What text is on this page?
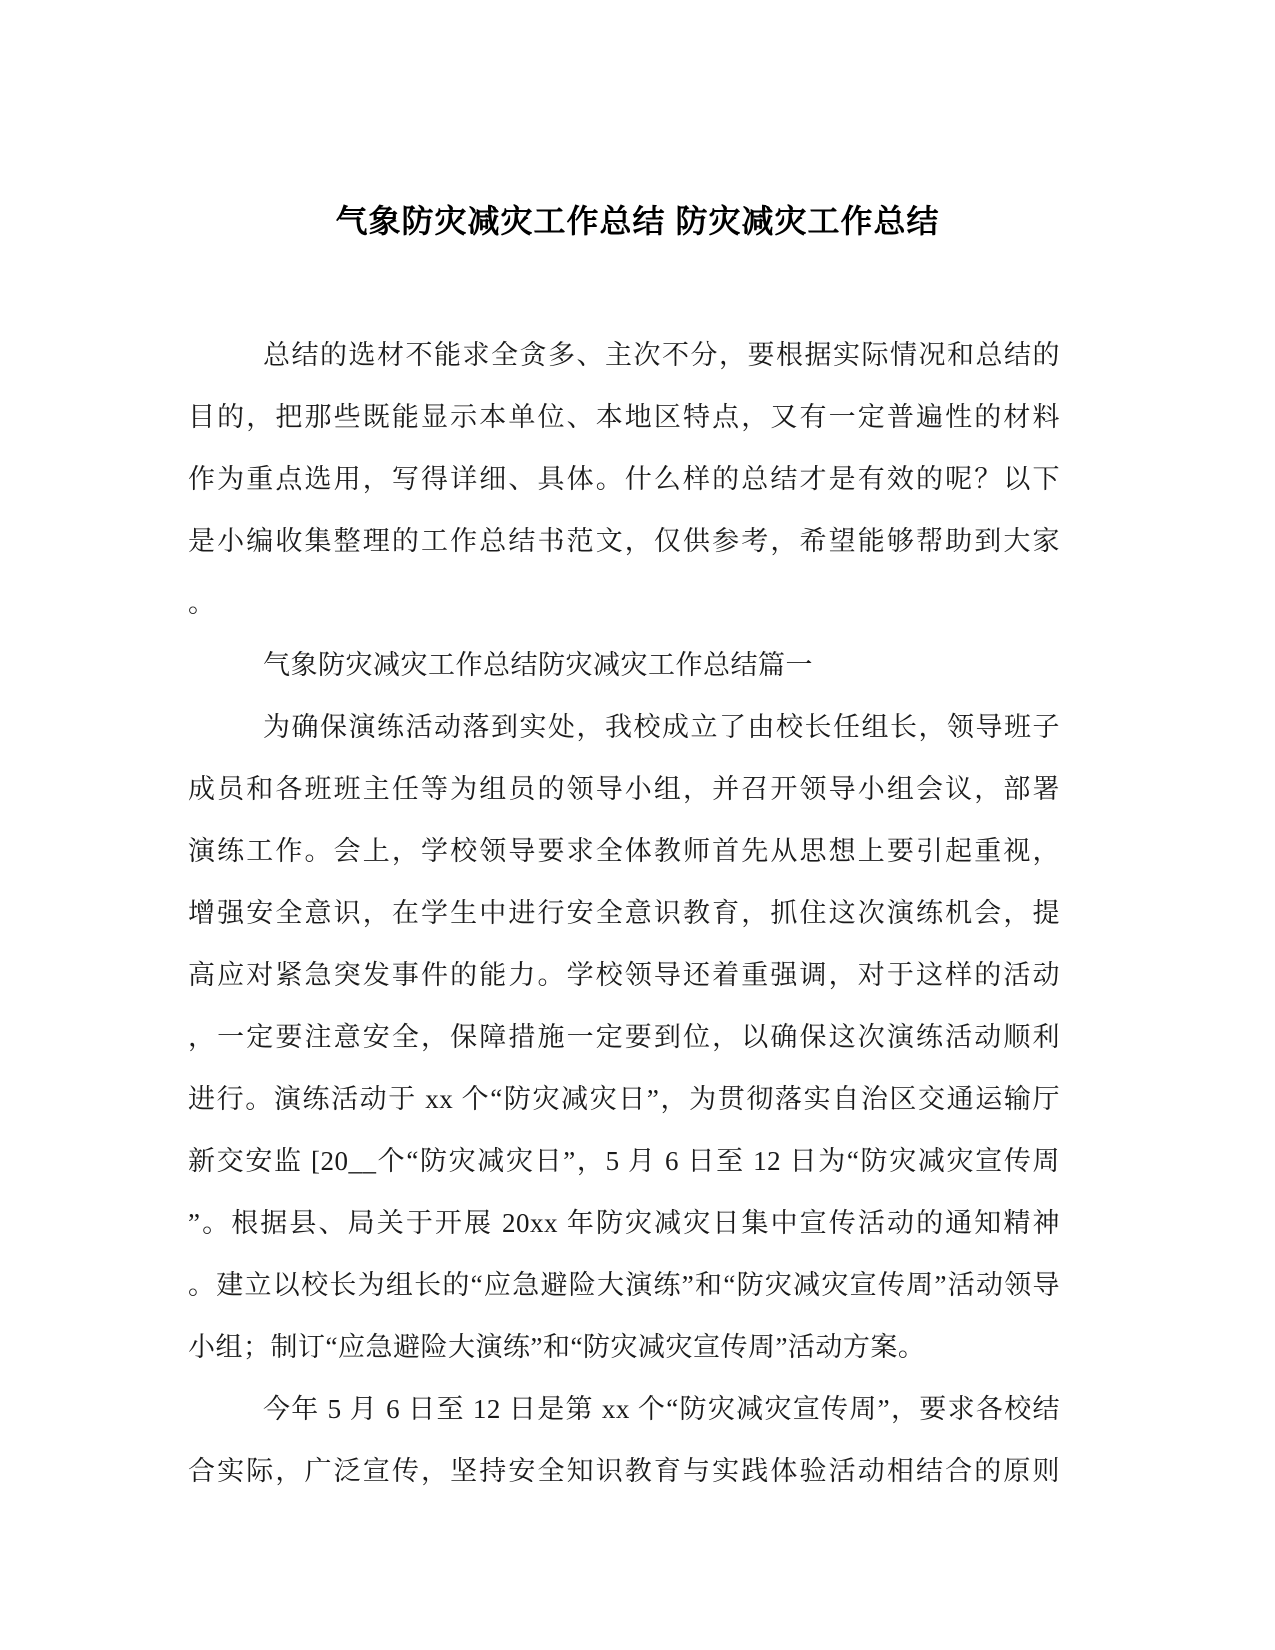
气象防灾减灾工作总结 防灾减灾工作总结
总结的选材不能求全贪多、主次不分，要根据实际情况和总结的
目的，把那些既能显示本单位、本地区特点，又有一定普遍性的材料
作为重点选用，写得详细、具体。什么样的总结才是有效的呢？以下
是小编收集整理的工作总结书范文，仅供参考，希望能够帮助到大家
。
气象防灾减灾工作总结防灾减灾工作总结篇一
为确保演练活动落到实处，我校成立了由校长任组长，领导班子
成员和各班班主任等为组员的领导小组，并召开领导小组会议，部署
演练工作。会上，学校领导要求全体教师首先从思想上要引起重视，
增强安全意识，在学生中进行安全意识教育，抓住这次演练机会，提
高应对紧急突发事件的能力。学校领导还着重强调，对于这样的活动
，一定要注意安全，保障措施一定要到位，以确保这次演练活动顺利
进行。演练活动于 xx 个“防灾减灾日”，为贯彻落实自治区交通运输厅
新交安监 [20__个“防灾减灾日”，5 月 6 日至 12 日为“防灾减灾宣传周
”。根据县、局关于开展 20xx 年防灾减灾日集中宣传活动的通知精神
。建立以校长为组长的“应急避险大演练”和“防灾减灾宣传周”活动领导
小组；制订“应急避险大演练”和“防灾减灾宣传周”活动方案。
今年 5 月 6 日至 12 日是第 xx 个“防灾减灾宣传周”，要求各校结
合实际，广泛宣传，坚持安全知识教育与实践体验活动相结合的原则
